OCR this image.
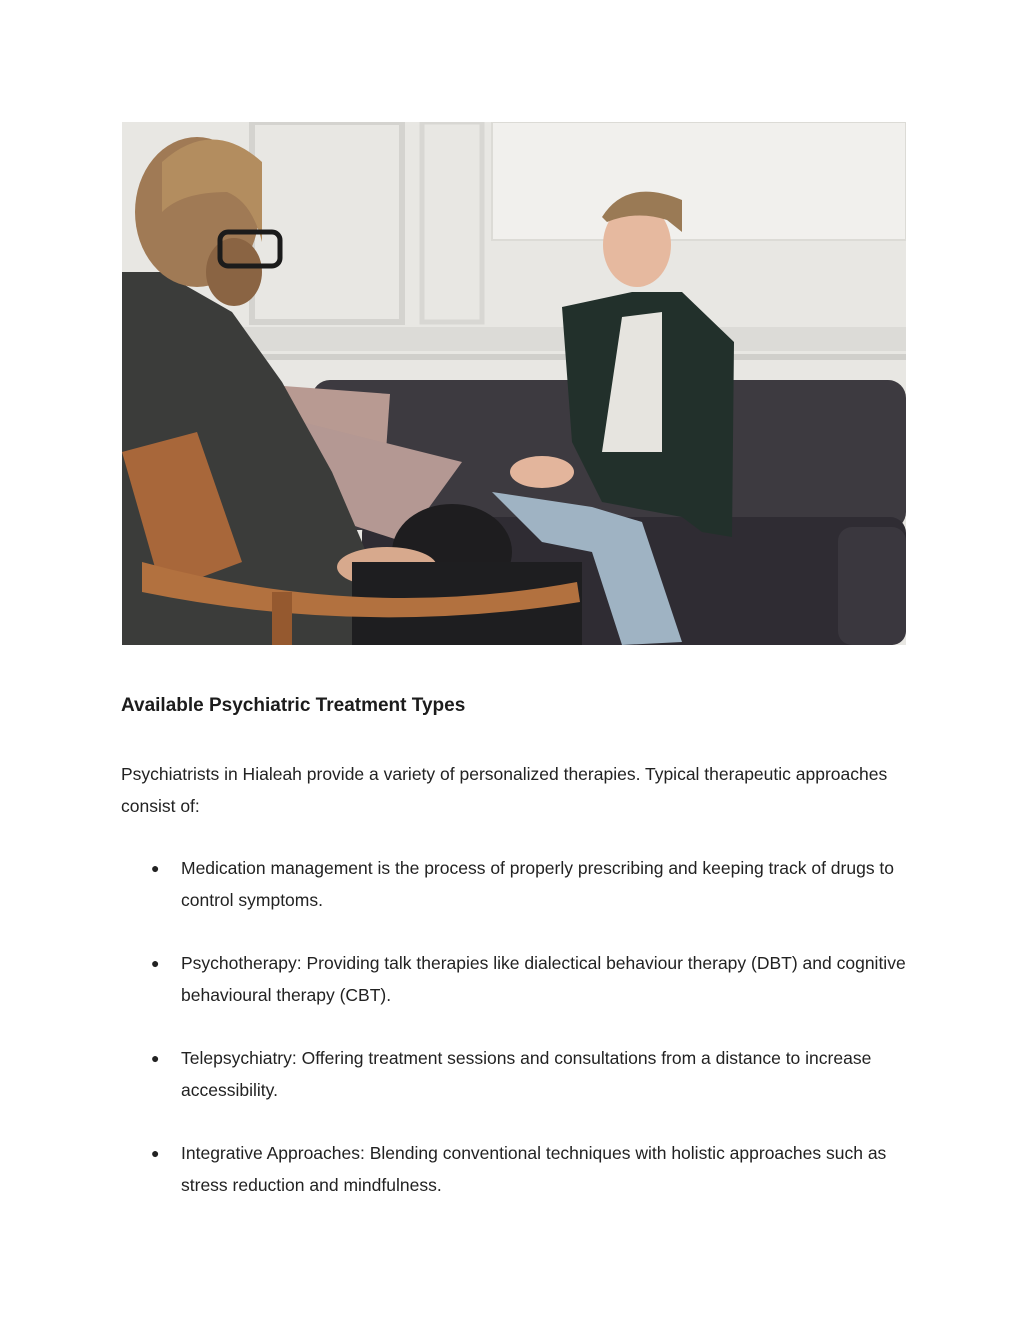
Available Psychiatric Treatment Types

Psychiatrists in Hialeah provide a variety of personalized therapies. Typical therapeutic approaches consist of:

● Medication management is the process of properly prescribing and keeping track of drugs to control symptoms.
● Psychotherapy: Providing talk therapies like dialectical behaviour therapy (DBT) and cognitive behavioural therapy (CBT).
● Telepsychiatry: Offering treatment sessions and consultations from a distance to increase accessibility.
● Integrative Approaches: Blending conventional techniques with holistic approaches such as stress reduction and mindfulness.
